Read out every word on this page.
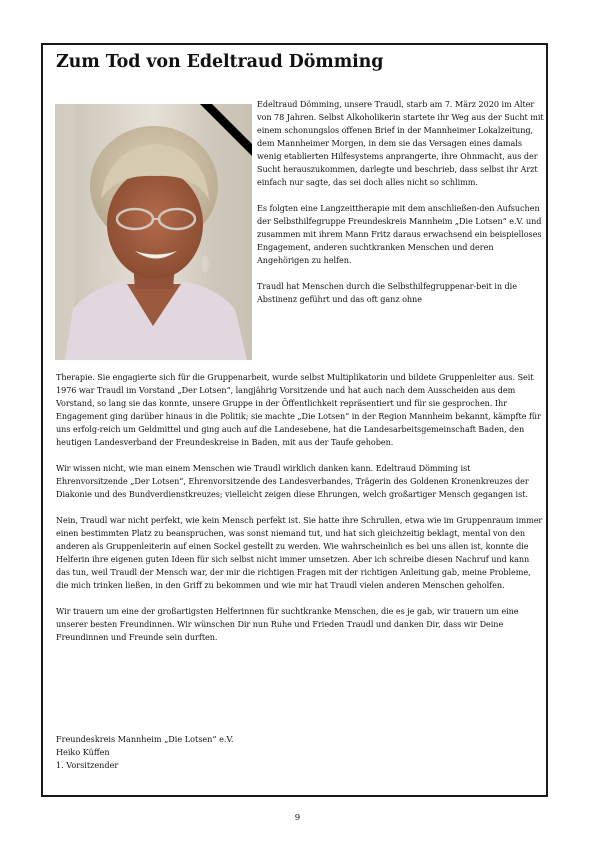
Zum Tod von Edeltraud Dömming

Edeltraud Dömming, unsere Traudl, starb am 7. März 2020 im Alter von 78 Jahren. Selbst Alkoholikerin startete ihr Weg aus der Sucht mit einem schonungslos offenen Brief in der Mannheimer Lokalzeitung, dem Mannheimer Morgen, in dem sie das Versagen eines damals wenig etablierten Hilfesystems anprangerte, ihre Ohnmacht, aus der Sucht herauszukommen, darlegte und beschrieb, dass selbst ihr Arzt einfach nur sagte, das sei doch alles nicht so schlimm.

Es folgten eine Langzeittherapie mit dem anschließen-den Aufsuchen der Selbsthilfegruppe Freundeskreis Mannheim „Die Lotsen“ e.V. und zusammen mit ihrem Mann Fritz daraus erwachsend ein beispielloses Engagement, anderen suchtkranken Menschen und deren Angehörigen zu helfen.

Traudl hat Menschen durch die Selbsthilfegruppenar-beit in die Abstinenz geführt und das oft ganz ohne

Therapie. Sie engagierte sich für die Gruppenarbeit, wurde selbst Multiplikatorin und bildete Gruppenleiter aus. Seit 1976 war Traudl im Vorstand „Der Lotsen“, langjährig Vorsitzende und hat auch nach dem Ausscheiden aus dem Vorstand, so lang sie das konnte, unsere Gruppe in der Öffentlichkeit repräsentiert und für sie gesprochen. Ihr Engagement ging darüber hinaus in die Politik; sie machte „Die Lotsen“ in der Region Mannheim bekannt, kämpfte für uns erfolg-reich um Geldmittel und ging auch auf die Landesebene, hat die Landesarbeitsgemeinschaft Baden, den heutigen Landesverband der Freundeskreise in Baden, mit aus der Taufe gehoben.

Wir wissen nicht, wie man einem Menschen wie Traudl wirklich danken kann. Edeltraud Dömming ist Ehrenvorsitzende „Der Lotsen“, Ehrenvorsitzende des Landesverbandes, Trägerin des Goldenen Kronenkreuzes der Diakonie und des Bundverdienstkreuzes; vielleicht zeigen diese Ehrungen, welch großartiger Mensch gegangen ist.

Nein, Traudl war nicht perfekt, wie kein Mensch perfekt ist. Sie hatte ihre Schrullen, etwa wie im Gruppenraum immer einen bestimmten Platz zu beanspruchen, was sonst niemand tut, und hat sich gleichzeitig beklagt, mental von den anderen als Gruppenleiterin auf einen Sockel gestellt zu werden. Wie wahrscheinlich es bei uns allen ist, konnte die Helferin ihre eigenen guten Ideen für sich selbst nicht immer umsetzen. Aber ich schreibe diesen Nachruf und kann das tun, weil Traudl der Mensch war, der mir die richtigen Fragen mit der richtigen Anleitung gab, meine Probleme, die mich trinken ließen, in den Griff zu bekommen und wie mir hat Traudl vielen anderen Menschen geholfen.

Wir trauern um eine der großartigsten Helferinnen für suchtkranke Menschen, die es je gab, wir trauern um eine unserer besten Freundinnen. Wir wünschen Dir nun Ruhe und Frieden Traudl und danken Dir, dass wir Deine Freundinnen und Freunde sein durften.

Freundeskreis Mannheim „Die Lotsen“ e.V.
Heiko Küffen
1. Vorsitzender
9
